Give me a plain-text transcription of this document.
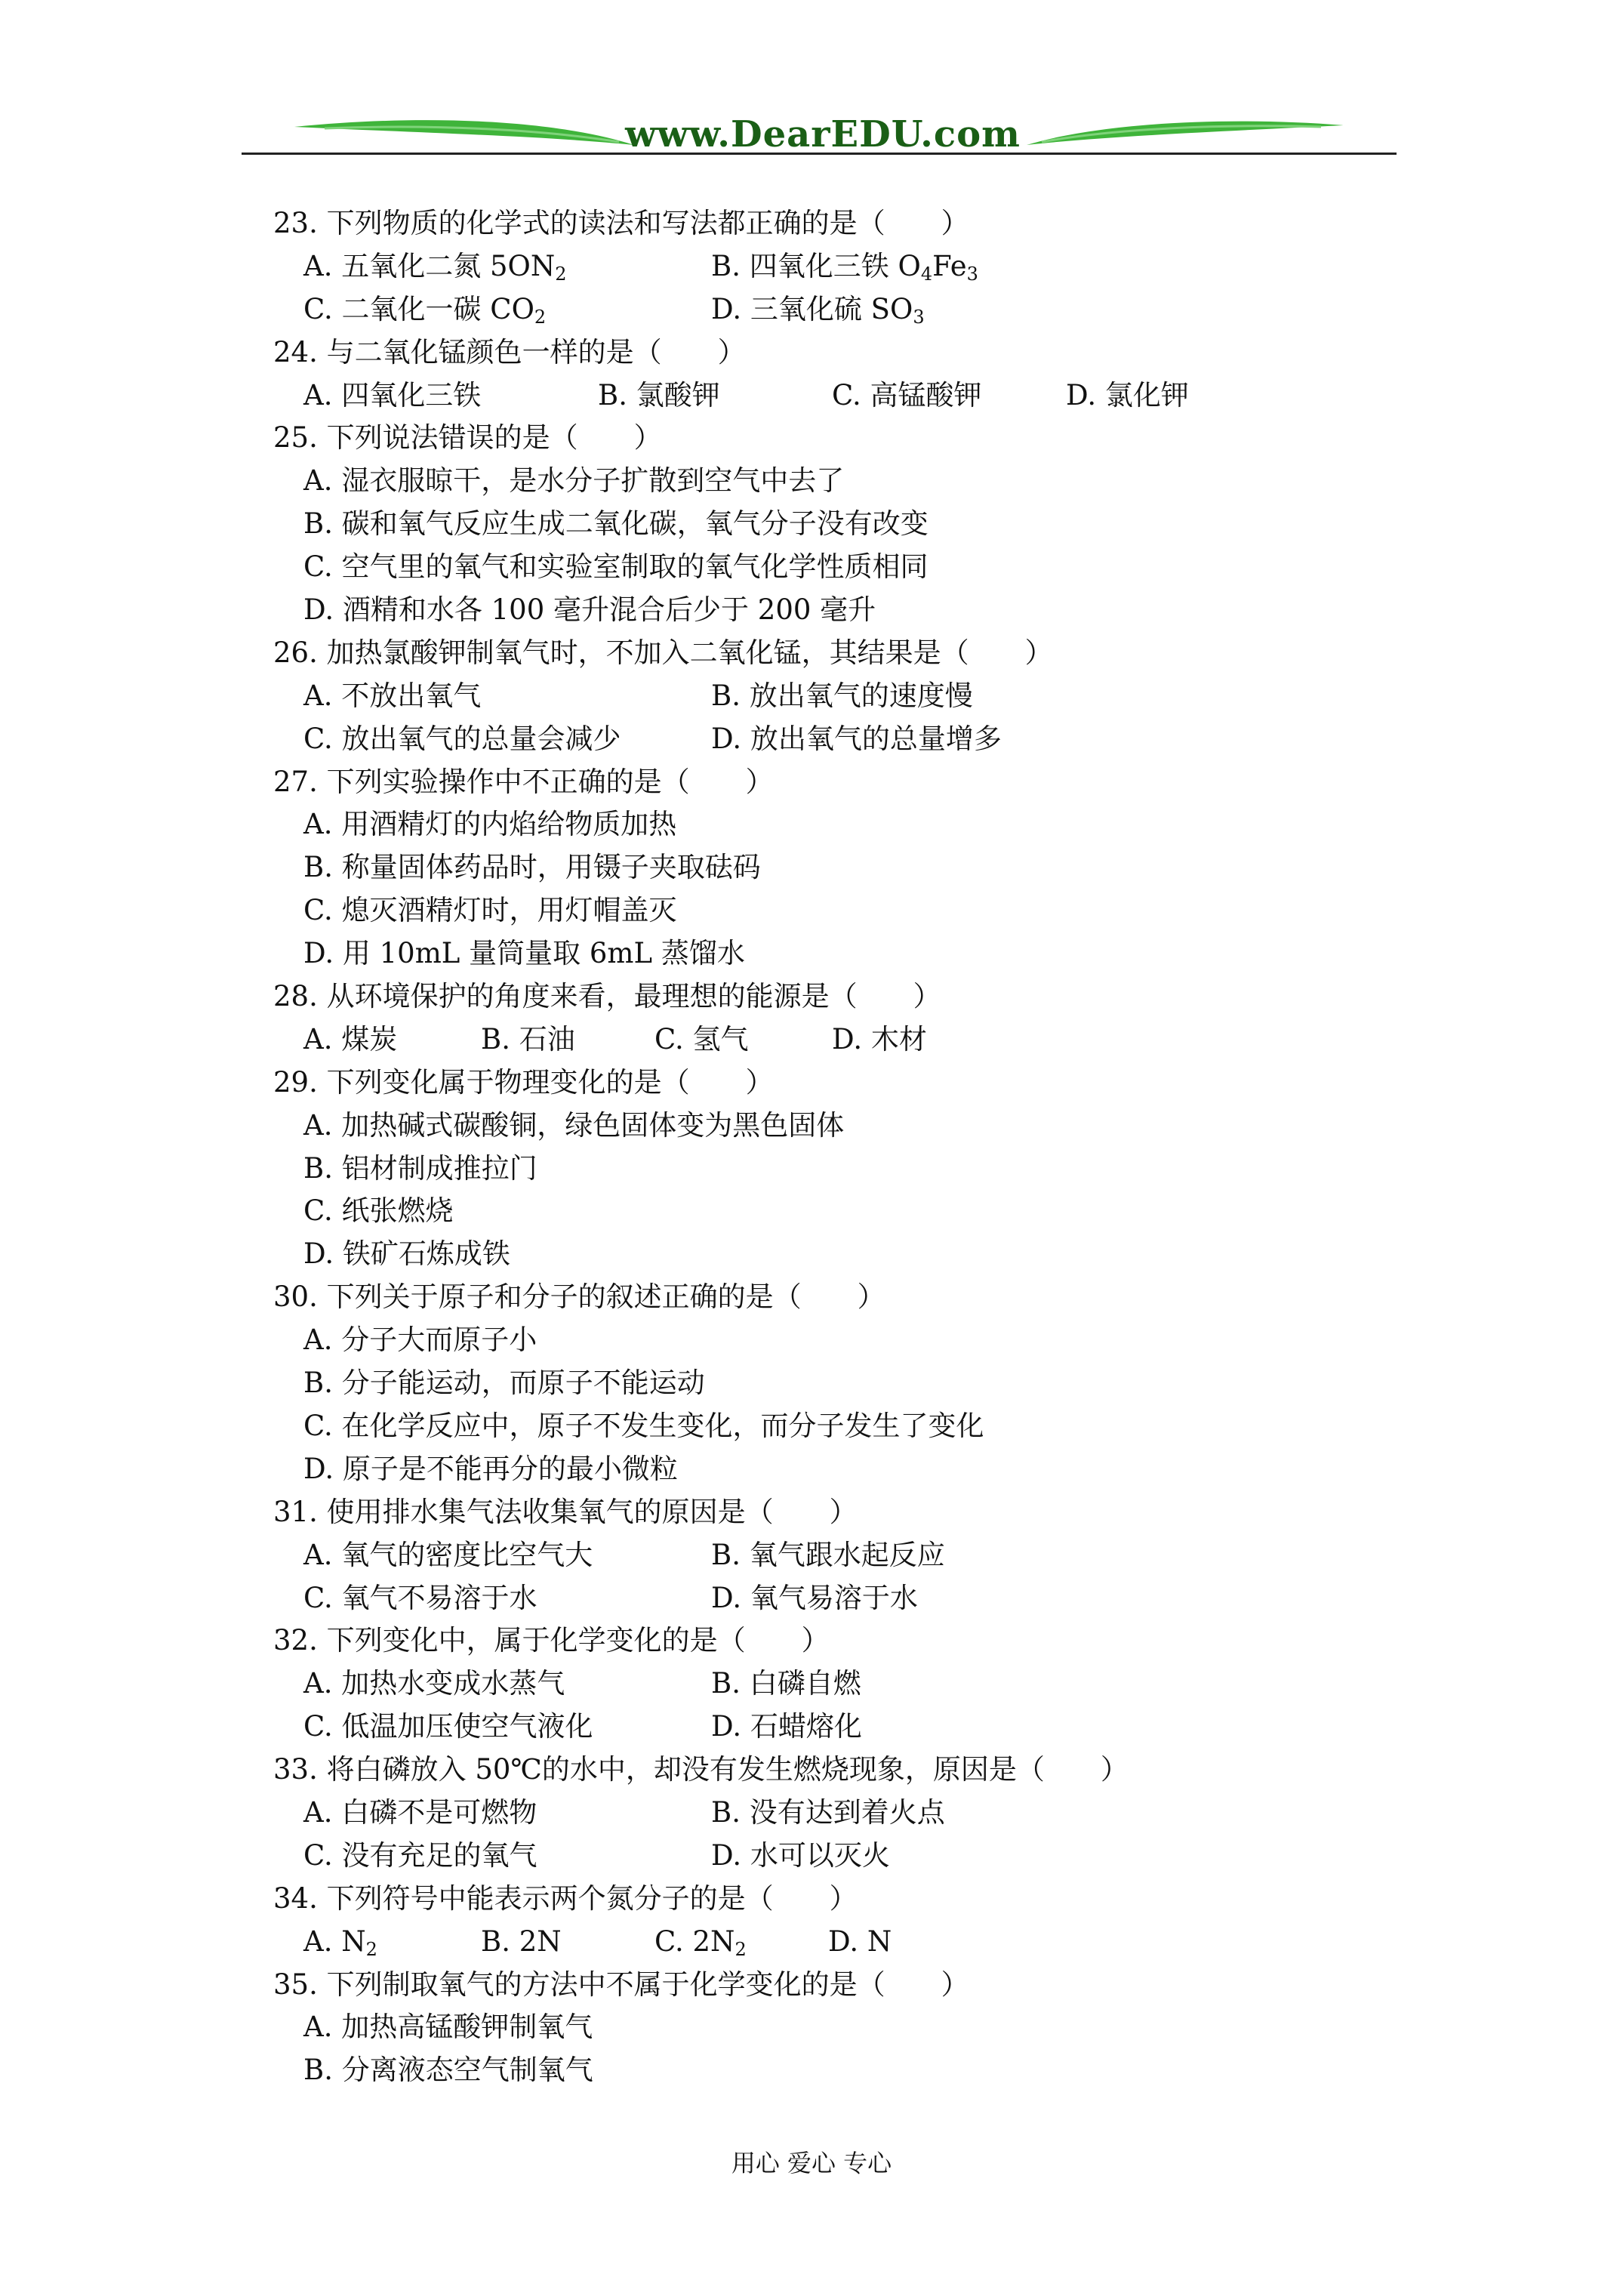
www.DearEDU.com
23. 下列物质的化学式的读法和写法都正确的是（　　）
A. 五氧化二氮 $5ON_2$	B. 四氧化三铁 $O_4Fe_3$
C. 二氧化一碳 $CO_2$	D. 三氧化硫 $SO_3$
24. 与二氧化锰颜色一样的是（　　）
A. 四氧化三铁	B. 氯酸钾	C. 高锰酸钾	D. 氯化钾
25. 下列说法错误的是（　　）
A. 湿衣服晾干，是水分子扩散到空气中去了
B. 碳和氧气反应生成二氧化碳，氧气分子没有改变
C. 空气里的氧气和实验室制取的氧气化学性质相同
D. 酒精和水各 100 毫升混合后少于 200 毫升
26. 加热氯酸钾制氧气时，不加入二氧化锰，其结果是（　　）
A. 不放出氧气	B. 放出氧气的速度慢
C. 放出氧气的总量会减少	D. 放出氧气的总量增多
27. 下列实验操作中不正确的是（　　）
A. 用酒精灯的内焰给物质加热
B. 称量固体药品时，用镊子夹取砝码
C. 熄灭酒精灯时，用灯帽盖灭
D. 用 10mL 量筒量取 6mL 蒸馏水
28. 从环境保护的角度来看，最理想的能源是（　　）
A. 煤炭	B. 石油	C. 氢气	D. 木材
29. 下列变化属于物理变化的是（　　）
A. 加热碱式碳酸铜，绿色固体变为黑色固体
B. 铝材制成推拉门
C. 纸张燃烧
D. 铁矿石炼成铁
30. 下列关于原子和分子的叙述正确的是（　　）
A. 分子大而原子小
B. 分子能运动，而原子不能运动
C. 在化学反应中，原子不发生变化，而分子发生了变化
D. 原子是不能再分的最小微粒
31. 使用排水集气法收集氧气的原因是（　　）
A. 氧气的密度比空气大	B. 氧气跟水起反应
C. 氧气不易溶于水	D. 氧气易溶于水
32. 下列变化中，属于化学变化的是（　　）
A. 加热水变成水蒸气	B. 白磷自燃
C. 低温加压使空气液化	D. 石蜡熔化
33. 将白磷放入 50℃的水中，却没有发生燃烧现象，原因是（　　）
A. 白磷不是可燃物	B. 没有达到着火点
C. 没有充足的氧气	D. 水可以灭火
34. 下列符号中能表示两个氮分子的是（　　）
A. $N_2$	B. 2N	C. $2N_2$	D. N
35. 下列制取氧气的方法中不属于化学变化的是（　　）
A. 加热高锰酸钾制氧气
B. 分离液态空气制氧气
用心 爱心 专心
